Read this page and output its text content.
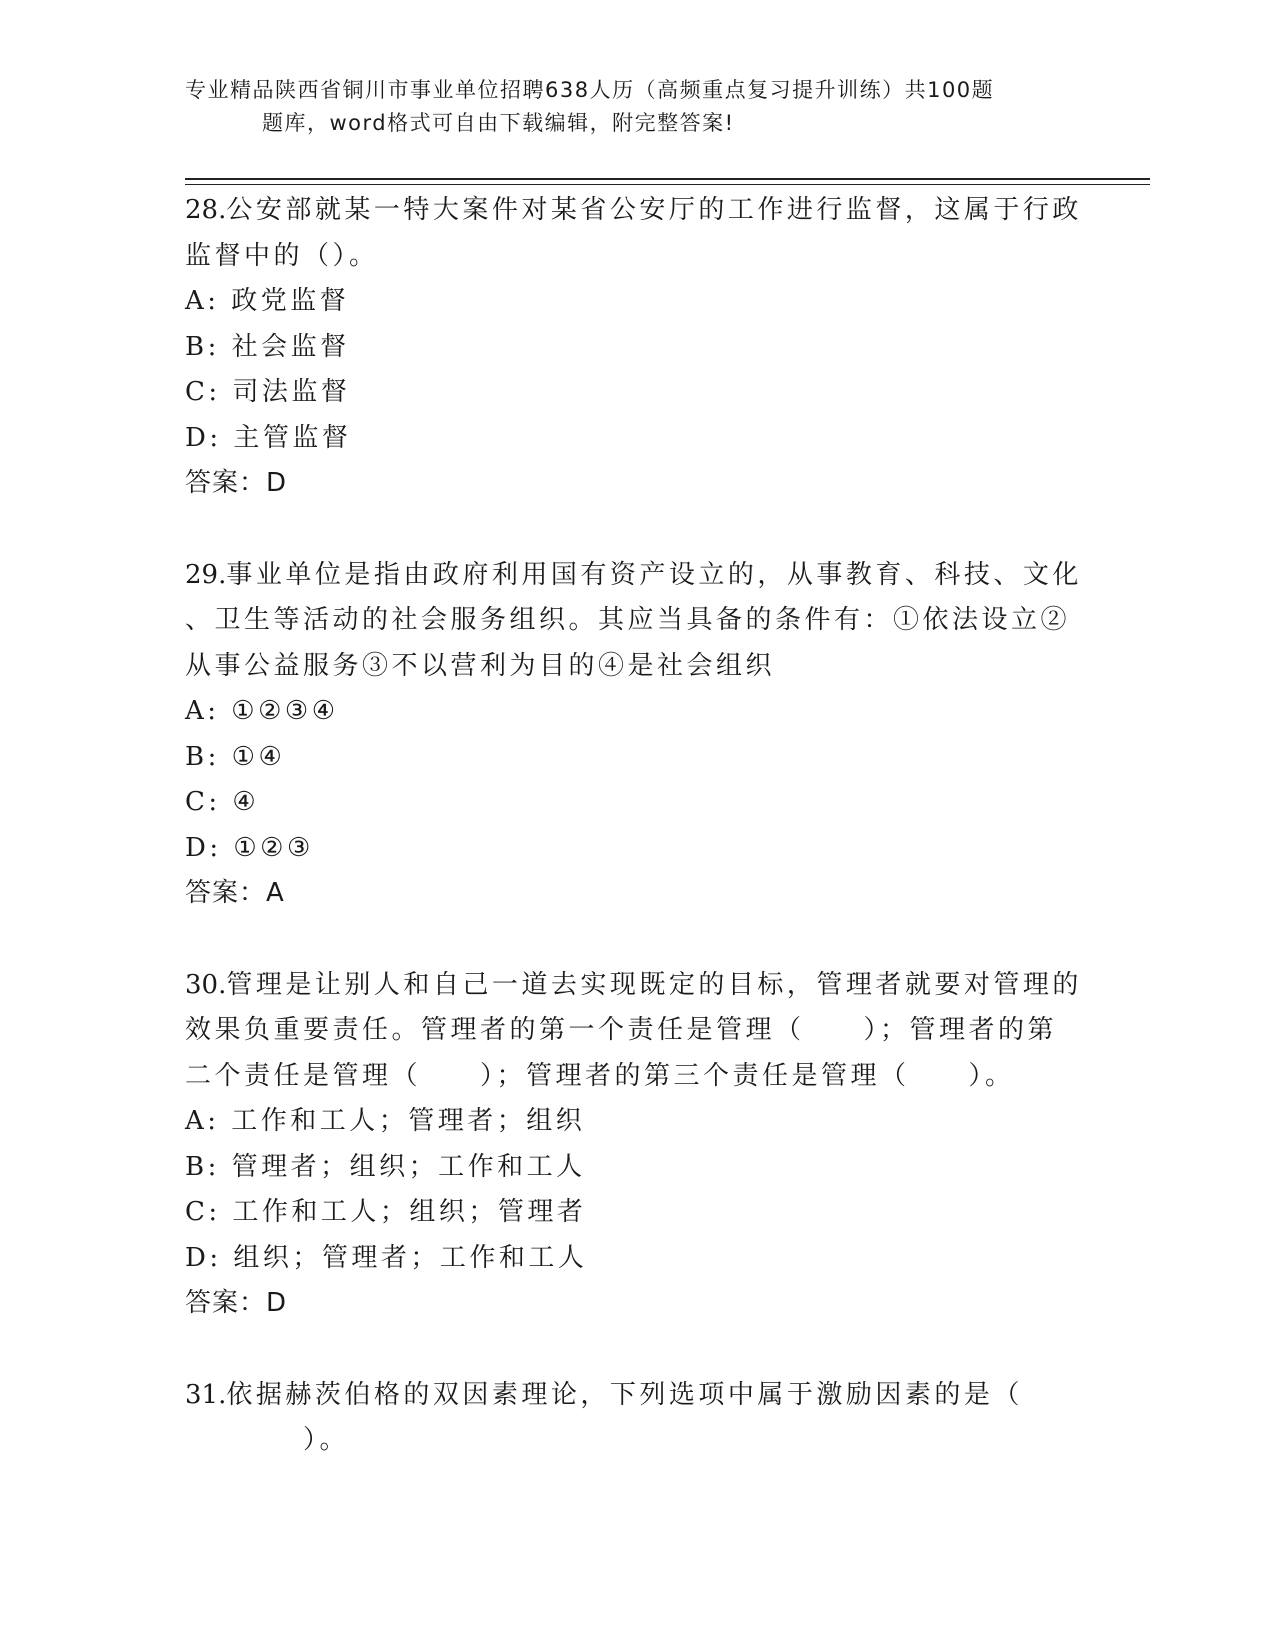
专业精品陕西省铜川市事业单位招聘638人历（高频重点复习提升训练）共100题
题库，word格式可自由下载编辑，附完整答案!
28.公安部就某一特大案件对某省公安厅的工作进行监督，这属于行政
监督中的（）。
A: 政党监督
B: 社会监督
C: 司法监督
D: 主管监督
答案：D
29.事业单位是指由政府利用国有资产设立的，从事教育、科技、文化
、卫生等活动的社会服务组织。其应当具备的条件有：①依法设立②
从事公益服务③不以营利为目的④是社会组织
A: ①②③④
B: ①④
C: ④
D: ①②③
答案：A
30.管理是让别人和自己一道去实现既定的目标，管理者就要对管理的
效果负重要责任。管理者的第一个责任是管理（　　）；管理者的第
二个责任是管理（　　）；管理者的第三个责任是管理（　　）。
A: 工作和工人；管理者；组织
B: 管理者；组织；工作和工人
C: 工作和工人；组织；管理者
D: 组织；管理者；工作和工人
答案：D
31.依据赫茨伯格的双因素理论，下列选项中属于激励因素的是（
　　　　）。
